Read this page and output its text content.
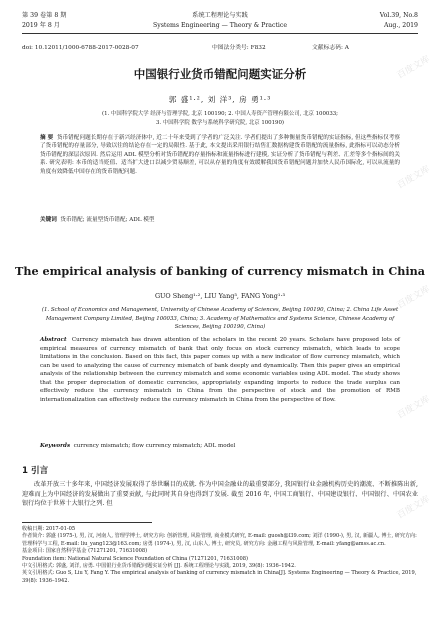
第 39 卷第 8 期	系统工程理论与实践	Vol.39, No.8
2019 年 8 月	Systems Engineering — Theory & Practice	Aug., 2019
doi: 10.12011/1000-6788-2017-0028-07	中图法分类号: F832	文献标志码: A
中国银行业货币错配问题实证分析
郭 盛¹·², 刘 洋³, 房 勇¹·³
(1. 中国科学院大学 经济与管理学院, 北京 100190; 2. 中国人寿资产管理有限公司, 北京 100033;
3. 中国科学院 数学与系统科学研究院, 北京 100190)
摘 要 货币错配问题长期存在于新兴经济体中, 近二十年来受到了学者的广泛关注. 学者们提出了多种衡量货币错配的实证指标, 但这些指标仅考察了货币错配的存量部分, 导致以往的结论存在一定的局限性. 基于此, 本文提出采用银行结售汇数据构建货币错配的流量指标, 此指标可以动态分析货币错配的深层次原因. 然后运用 ADL 模型分析对货币错配的存量指标和流量指标进行建模, 实证分析了货币错配与利差、汇差等多个指标间的关系. 研究表明: 本币的适当贬值、适当扩大进口以减少贸易顺差, 可以从存量的角度有效缓解我国货币错配问题并加快人民币国际化, 可以从流量的角度有效降低中国存在的货币错配问题.
关键词 货币错配; 流量型货币错配; ADL 模型
The empirical analysis of banking of currency mismatch in China
GUO Sheng¹·², LIU Yang³, FANG Yong¹·³
(1. School of Economics and Management, University of Chinese Academy of Sciences, Beijing 100190, China; 2. China Life Asset Management Company Limited, Beijing 100033, China; 3. Academy of Mathematics and Systems Science, Chinese Academy of Sciences, Beijing 100190, China)
Abstract Currency mismatch has drawn attention of the scholars in the recent 20 years. Scholars have proposed lots of empirical measures of currency mismatch of bank that only focus on stock currency mismatch, which leads to scope limitations in the conclusion. Based on this fact, this paper comes up with a new indicator of flow currency mismatch, which can be used to analyzing the cause of currency mismatch of bank deeply and dynamically. Then this paper gives an empirical analysis of the relationship between the currency mismatch and some economic variables using ADL model. The study shows that the proper depreciation of domestic currencies, appropriately expanding imports to reduce the trade surplus can effectively reduce the currency mismatch in China from the perspective of stock and the promotion of RMB internationalization can effectively reduce the currency mismatch in China from the perspective of flow.
Keywords currency mismatch; flow currency mismatch; ADL model
1 引言
改革开放三十多年来, 中国经济发展取得了举世瞩目的成就. 作为中国金融业的最重要部分, 我国银行业金融机构历史的潮流、不断推陈出新, 迎难而上为中国经济的发展做出了重要贡献, 与此同时其自身也得到了发展. 截至 2016 年, 中国工商银行、中国建设银行、中国银行、中国农业银行均位于世界十大银行之列. 但

收稿日期: 2017-01-05

作者简介: 郭盛 (1975-), 男, 汉, 河南人, 管理学博士, 研究方向: 创新管理, 风险管理, 商业模式研究, E-mail: guosh@l39.com; 刘洋 (1990-), 男, 汉, 新疆人, 博士, 研究方向: 管理科学与工程, E-mail: liu_yang123@163.com; 房勇 (1974-), 男, 汉, 山东人, 博士, 研究员, 研究方向: 金融工程与风险管理, E-mail: yfang@amss.ac.cn.

基金项目: 国家自然科学基金 (71271201, 71631008)

Foundation item: National Natural Science Foundation of China (71271201, 71631008)

中文引用格式: 郭盛, 刘洋, 房勇. 中国银行业货币错配问题实证分析 [J]. 系统工程理论与实践, 2019, 39(8): 1936–1942.

英文引用格式: Guo S, Liu Y, Fang Y. The empirical analysis of banking of currency mismatch in China[J]. Systems Engineering — Theory & Practice, 2019, 39(8): 1936–1942.

百度文库
百度文库
百度文库
百度文库
百度文库
